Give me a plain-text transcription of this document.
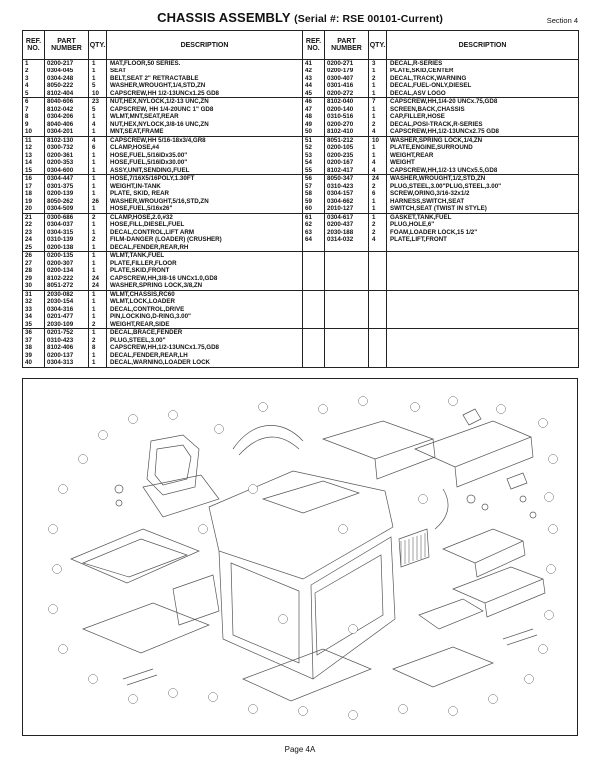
CHASSIS ASSEMBLY (Serial #: RSE 00101-Current)	Section 4
REF. NO.	PART NUMBER	QTY.	DESCRIPTION	REF. NO.	PART NUMBER	QTY.	DESCRIPTION
1	0200-217	1	MAT,FLOOR,50 SERIES.	41	0200-271	3	DECAL,R-SERIES
2	0304-045	1	SEAT	42	0200-179	1	PLATE,SKID,CENTER
3	0304-248	1	BELT,SEAT 2" RETRACTABLE	43	0300-407	2	DECAL,TRACK,WARNING
4	8050-222	5	WASHER,WROUGHT,1/4,STD,ZN	44	0301-416	1	DECAL,FUEL-ONLY,DIESEL
5	8102-404	10	CAPSCREW,HH 1/2-13UNCx1.25 GD8	45	0200-272	1	DECAL,ASV LOGO
6	8040-606	23	NUT,HEX,NYLOCK,1/2-13 UNC,ZN	46	8102-040	7	CAPSCREW,HH,1/4-20 UNCx.75,GD8
7	8102-042	5	CAPSCREW, HH 1/4-20UNC 1" GD8	47	0200-140	1	SCREEN,BACK,CHASSIS
8	0304-206	1	WLMT,MNT,SEAT,REAR	48	0310-516	1	CAP,FILLER,HOSE
9	8040-406	4	NUT,HEX,NYLOCK,3/8-16 UNC,ZN	49	0200-270	2	DECAL,POSI-TRACK,R-SERIES
10	0304-201	1	MNT,SEAT,FRAME	50	8102-410	4	CAPSCREW,HH,1/2-13UNCx2.75 GD8
11	8102-130	4	CAPSCREW,HH 5/16-18x3/4,GR8	51	8051-212	10	WASHER,SPRING LOCK,1/4,ZN
12	0300-732	6	CLAMP,HOSE,#4	52	0200-105	1	PLATE,ENGINE,SURROUND
13	0200-361	1	HOSE,FUEL,5/16IDx35.00"	53	0200-235	1	WEIGHT,REAR
14	0200-353	1	HOSE,FUEL,5/16IDx30.00"	54	0200-167	4	WEIGHT
15	0304-600	1	ASSY,UNIT,SENDING,FUEL	55	8102-417	4	CAPSCREW,HH,1/2-13 UNCx5.5,GD8
16	0304-447	1	HOSE,7/16X5/16POLY,1.30FT	56	8050-347	24	WASHER,WROUGHT,1/2,STD,ZN
17	0301-375	1	WEIGHT,IN-TANK	57	0310-423	2	PLUG,STEEL,3.00"PLUG,STEEL,3.00"
18	0200-139	1	PLATE, SKID, REAR	58	0304-157	6	SCREW,ORING,3/16-32x1/2
19	8050-262	26	WASHER,WROUGHT,5/16,STD,ZN	59	0304-662	1	HARNESS,SWITCH,SEAT
20	0304-509	1	HOSE,FUEL,5/16x26"	60	2010-127	1	SWITCH,SEAT (TWIST IN STYLE)
21	0300-686	2	CLAMP,HOSE,2.0,#32	61	0304-617	1	GASKET,TANK,FUEL
22	0304-037	1	HOSE,FILL,DIESEL,FUEL	62	0200-437	2	PLUG,HOLE,6"
23	0304-315	1	DECAL,CONTROL,LIFT ARM	63	2030-188	2	FOAM,LOADER LOCK,15 1/2"
24	0310-139	2	FILM-DANGER (LOADER) (CRUSHER)	64	0314-032	4	PLATE,LIFT,FRONT
25	0200-138	1	DECAL,FENDER,REAR,RH				
26	0200-135	1	WLMT,TANK,FUEL				
27	0200-307	1	PLATE,FILLER,FLOOR				
28	0200-134	1	PLATE,SKID,FRONT				
29	8102-222	24	CAPSCREW,HH,3/8-16 UNCx1.0,GD8				
30	8051-272	24	WASHER,SPRING LOCK,3/8,ZN				
31	2030-082	1	WLMT,CHASSIS,RC60				
32	2030-154	1	WLMT,LOCK,LOADER				
33	0304-316	1	DECAL,CONTROL,DRIVE				
34	0201-477	1	PIN,LOCKING,D-RING,3.00"				
35	2030-109	2	WEIGHT,REAR,SIDE				
36	0201-752	1	DECAL,BRACE,FENDER				
37	0310-423	2	PLUG,STEEL,3.00"				
38	8102-406	8	CAPSCREW,HH,1/2-13UNCx1.75,GD8				
39	0200-137	1	DECAL,FENDER,REAR,LH				
40	0304-313	1	DECAL,WARNING,LOADER LOCK				
Page 4A
